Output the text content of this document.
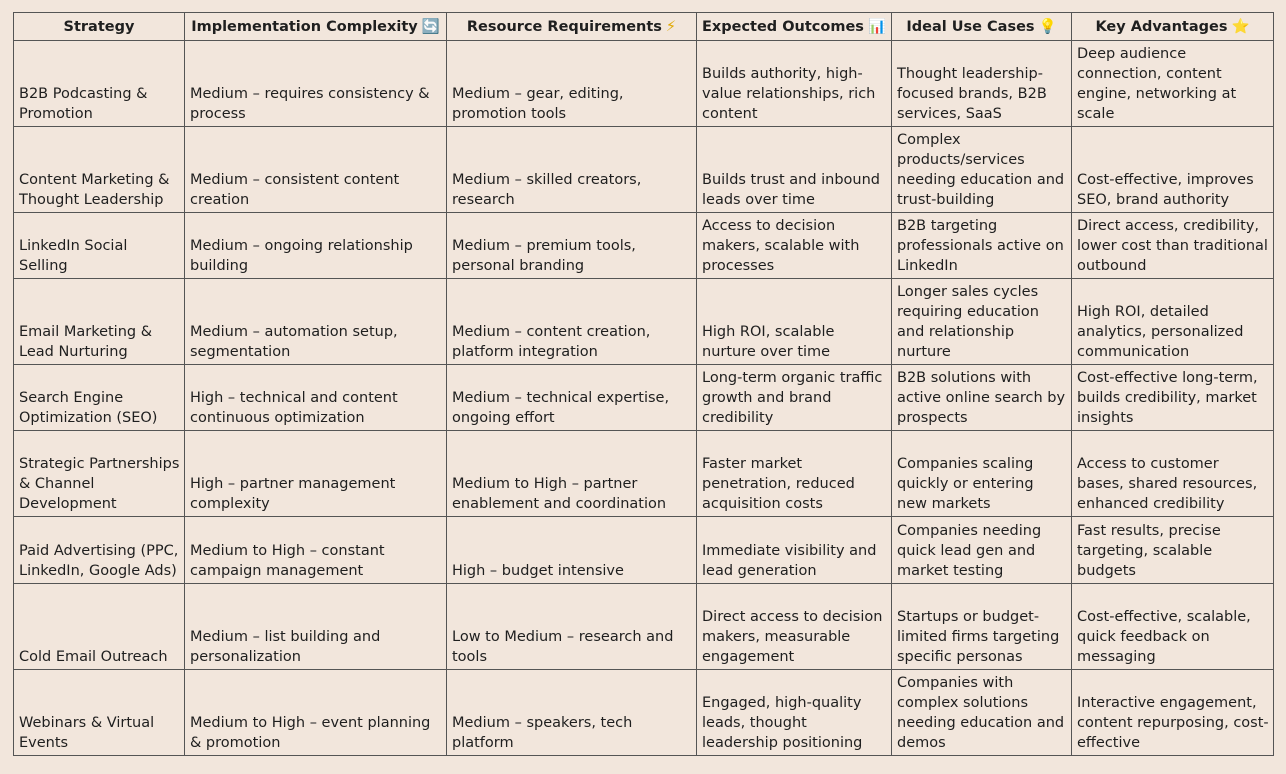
Strategy	Implementation Complexity 🔄	Resource Requirements ⚡	Expected Outcomes 📊	Ideal Use Cases 💡	Key Advantages ⭐
B2B Podcasting & Promotion	Medium – requires consistency & process	Medium – gear, editing, promotion tools	Builds authority, high-value relationships, rich content	Thought leadership-focused brands, B2B services, SaaS	Deep audience connection, content engine, networking at scale
Content Marketing & Thought Leadership	Medium – consistent content creation	Medium – skilled creators, research	Builds trust and inbound leads over time	Complex products/services needing education and trust-building	Cost-effective, improves SEO, brand authority
LinkedIn Social Selling	Medium – ongoing relationship building	Medium – premium tools, personal branding	Access to decision makers, scalable with processes	B2B targeting professionals active on LinkedIn	Direct access, credibility, lower cost than traditional outbound
Email Marketing & Lead Nurturing	Medium – automation setup, segmentation	Medium – content creation, platform integration	High ROI, scalable nurture over time	Longer sales cycles requiring education and relationship nurture	High ROI, detailed analytics, personalized communication
Search Engine Optimization (SEO)	High – technical and content continuous optimization	Medium – technical expertise, ongoing effort	Long-term organic traffic growth and brand credibility	B2B solutions with active online search by prospects	Cost-effective long-term, builds credibility, market insights
Strategic Partnerships & Channel Development	High – partner management complexity	Medium to High – partner enablement and coordination	Faster market penetration, reduced acquisition costs	Companies scaling quickly or entering new markets	Access to customer bases, shared resources, enhanced credibility
Paid Advertising (PPC, LinkedIn, Google Ads)	Medium to High – constant campaign management	High – budget intensive	Immediate visibility and lead generation	Companies needing quick lead gen and market testing	Fast results, precise targeting, scalable budgets
Cold Email Outreach	Medium – list building and personalization	Low to Medium – research and tools	Direct access to decision makers, measurable engagement	Startups or budget-limited firms targeting specific personas	Cost-effective, scalable, quick feedback on messaging
Webinars & Virtual Events	Medium to High – event planning & promotion	Medium – speakers, tech platform	Engaged, high-quality leads, thought leadership positioning	Companies with complex solutions needing education and demos	Interactive engagement, content repurposing, cost-effective
